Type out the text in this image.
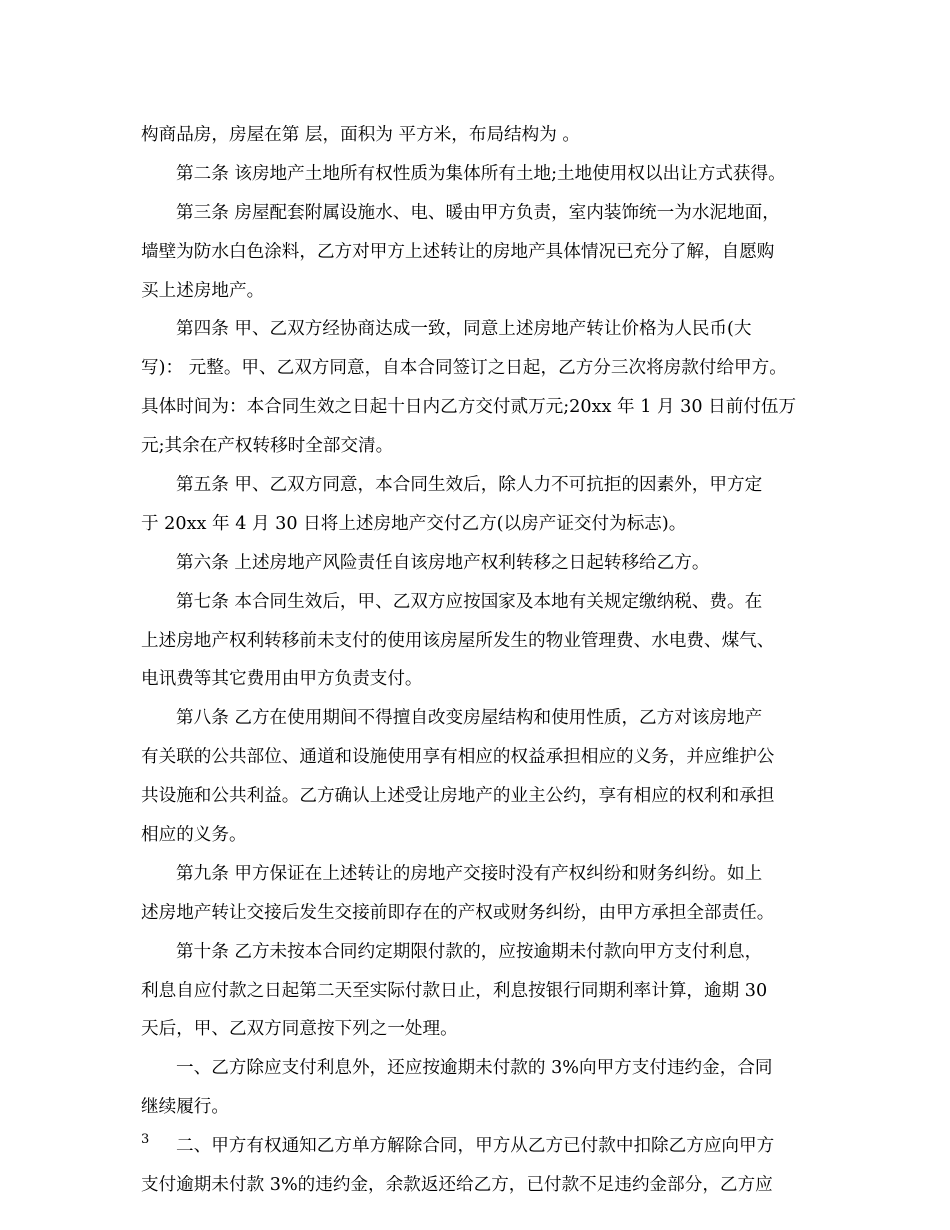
构商品房，房屋在第 层，面积为 平方米，布局结构为 。
第二条 该房地产土地所有权性质为集体所有土地;土地使用权以出让方式获得。
第三条 房屋配套附属设施水、电、暖由甲方负责，室内装饰统一为水泥地面，
墙壁为防水白色涂料，乙方对甲方上述转让的房地产具体情况已充分了解，自愿购
买上述房地产。
第四条 甲、乙双方经协商达成一致，同意上述房地产转让价格为人民币(大
写)： 元整。甲、乙双方同意，自本合同签订之日起，乙方分三次将房款付给甲方。
具体时间为：本合同生效之日起十日内乙方交付贰万元;20xx 年 1 月 30 日前付伍万
元;其余在产权转移时全部交清。
第五条 甲、乙双方同意，本合同生效后，除人力不可抗拒的因素外，甲方定
于 20xx 年 4 月 30 日将上述房地产交付乙方(以房产证交付为标志)。
第六条 上述房地产风险责任自该房地产权利转移之日起转移给乙方。
第七条 本合同生效后，甲、乙双方应按国家及本地有关规定缴纳税、费。在
上述房地产权利转移前未支付的使用该房屋所发生的物业管理费、水电费、煤气、
电讯费等其它费用由甲方负责支付。
第八条 乙方在使用期间不得擅自改变房屋结构和使用性质，乙方对该房地产
有关联的公共部位、通道和设施使用享有相应的权益承担相应的义务，并应维护公
共设施和公共利益。乙方确认上述受让房地产的业主公约，享有相应的权利和承担
相应的义务。
第九条 甲方保证在上述转让的房地产交接时没有产权纠纷和财务纠纷。如上
述房地产转让交接后发生交接前即存在的产权或财务纠纷，由甲方承担全部责任。
第十条 乙方未按本合同约定期限付款的，应按逾期未付款向甲方支付利息，
利息自应付款之日起第二天至实际付款日止，利息按银行同期利率计算，逾期 30
天后，甲、乙双方同意按下列之一处理。
一、乙方除应支付利息外，还应按逾期未付款的 3%向甲方支付违约金，合同
继续履行。
二、甲方有权通知乙方单方解除合同，甲方从乙方已付款中扣除乙方应向甲方
支付逾期未付款 3%的违约金，余款返还给乙方，已付款不足违约金部分，乙方应
3
